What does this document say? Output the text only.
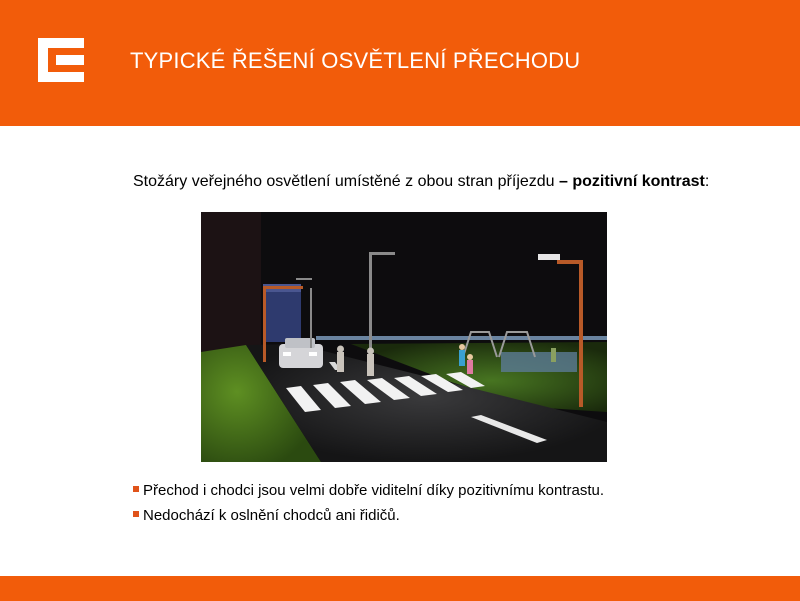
TYPICKÉ ŘEŠENÍ OSVĚTLENÍ PŘECHODU
Stožáry veřejného osvětlení umístěné z obou stran příjezdu – pozitivní kontrast:
Přechod i chodci jsou velmi dobře viditelní díky pozitivnímu kontrastu.
Nedochází k oslnění chodců ani řidičů.
